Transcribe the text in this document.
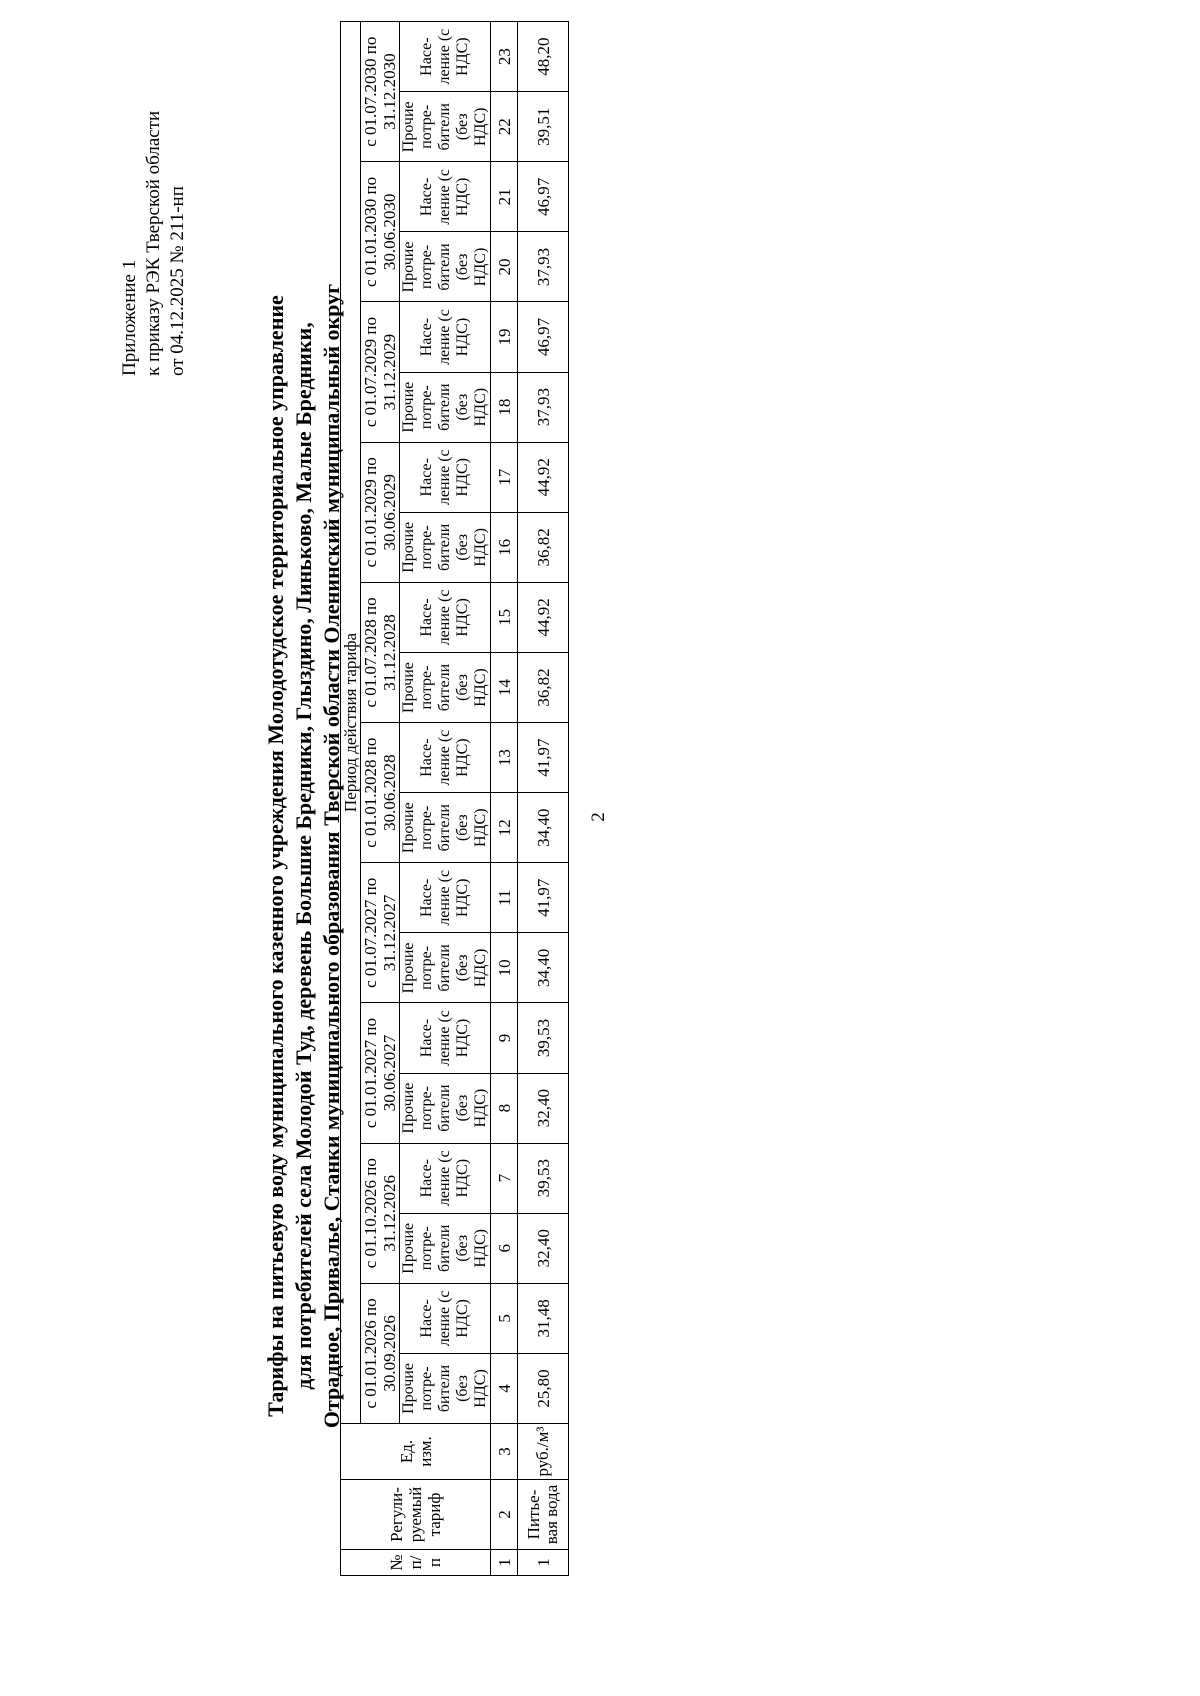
2
Приложение 1 к приказу РЭК Тверской области от 04.12.2025 № 211-нп
Тарифы на питьевую воду муниципального казенного учреждения Молодотудское территориальное управление для потребителей села Молодой Туд, деревень Большие Бредники, Глыздино, Линьково, Малые Бредники, Отрадное, Привалье, Станки муниципального образования Тверской области Оленинский муниципальный округ
№ п/п	Регули-руемый тариф	Ед. изм.	Период действия тарифа																			
			с 01.01.2026 по 30.09.2026		с 01.10.2026 по 31.12.2026		с 01.01.2027 по 30.06.2027		с 01.07.2027 по 31.12.2027		с 01.01.2028 по 30.06.2028		с 01.07.2028 по 31.12.2028		с 01.01.2029 по 30.06.2029		с 01.07.2029 по 31.12.2029		с 01.01.2030 по 30.06.2030		с 01.07.2030 по 31.12.2030	
			Прочие потре-бители (без НДС)	Насе-ление (с НДС)	Прочие потре-бители (без НДС)	Насе-ление (с НДС)	Прочие потре-бители (без НДС)	Насе-ление (с НДС)	Прочие потре-бители (без НДС)	Насе-ление (с НДС)	Прочие потре-бители (без НДС)	Насе-ление (с НДС)	Прочие потре-бители (без НДС)	Насе-ление (с НДС)	Прочие потре-бители (без НДС)	Насе-ление (с НДС)	Прочие потре-бители (без НДС)	Насе-ление (с НДС)	Прочие потре-бители (без НДС)	Насе-ление (с НДС)	Прочие потре-бители (без НДС)	Насе-ление (с НДС)
1	2	3	4	5	6	7	8	9	10	11	12	13	14	15	16	17	18	19	20	21	22	23
1	Питье-вая вода	руб./м³	25,80	31,48	32,40	39,53	32,40	39,53	34,40	41,97	34,40	41,97	36,82	44,92	36,82	44,92	37,93	46,97	37,93	46,97	39,51	48,20
